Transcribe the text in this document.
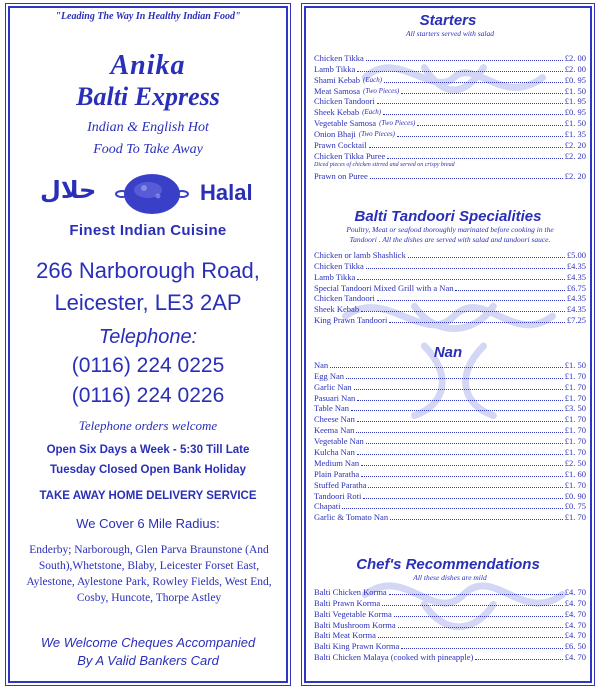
"Leading The Way In Healthy Indian Food"
Anika
Balti Express
Indian & English Hot
Food To Take Away
حلال	Halal
Finest Indian Cuisine
266 Narborough Road,
Leicester, LE3 2AP
Telephone:
(0116) 224 0225
(0116) 224 0226
Telephone orders welcome
Open Six Days a Week - 5:30 Till Late
Tuesday Closed Open Bank Holiday
TAKE AWAY HOME DELIVERY SERVICE
We Cover 6 Mile Radius:
Enderby; Narborough, Glen Parva Braunstone (And South),Whetstone, Blaby, Leicester Forset East, Aylestone, Aylestone Park, Rowley Fields, West End, Cosby, Huncote, Thorpe Astley
We Welcome Cheques Accompanied
By A Valid Bankers Card
Starters
All starters served with salad
Chicken Tikka	£2. 00
Lamb Tikka	£2. 00
Shami Kebab (Each)	£0. 95
Meat Samosa (Two Pieces)	£1. 50
Chicken Tandoori	£1. 95
Sheek Kebab (Each)	£0. 95
Vegetable Samosa (Two Pieces)	£1. 50
Onion Bhaji (Two Pieces)	£1. 35
Prawn Cocktail	£2. 20
Chicken Tikka Puree	£2. 20
Diced pieces of chicken stirred and served on crispy bread
Prawn on Puree	£2. 20
Balti Tandoori Specialities
Poultry, Meat or seafood thoroughly marinated before cooking in the
Tandoori . All the dishes are served with salad and tandoori sauce.
Chicken or lamb Shashlick	£5.00
Chicken Tikka	£4.35
Lamb Tikka	£4.35
Special Tandoori Mixed Grill with a Nan	£6.75
Chicken Tandoori	£4.35
Sheek Kebab	£4.35
King Prawn Tandoori	£7.25
Nan
Nan	£1. 50
Egg Nan	£1. 70
Garlic Nan	£1. 70
Pasuari Nan	£1. 70
Table Nan	£3. 50
Cheese Nan	£1. 70
Keema Nan	£1. 70
Vegetable Nan	£1. 70
Kulcha Nan	£1. 70
Medium Nan	£2. 50
Plain Paratha	£1. 60
Stuffed Paratha	£1. 70
Tandoori Roti	£0. 90
Chapati	£0. 75
Garlic & Tomato Nan	£1. 70
Chef's Recommendations
All these dishes are mild
Balti Chicken Korma	£4. 70
Balti Prawn Korma	£4. 70
Balti Vegetable Korma	£4. 70
Balti Mushroom Korma	£4. 70
Balti Meat Korma	£4. 70
Balti King Prawn Korma	£6. 50
Balti Chicken Malaya (cooked with pineapple)	£4. 70
